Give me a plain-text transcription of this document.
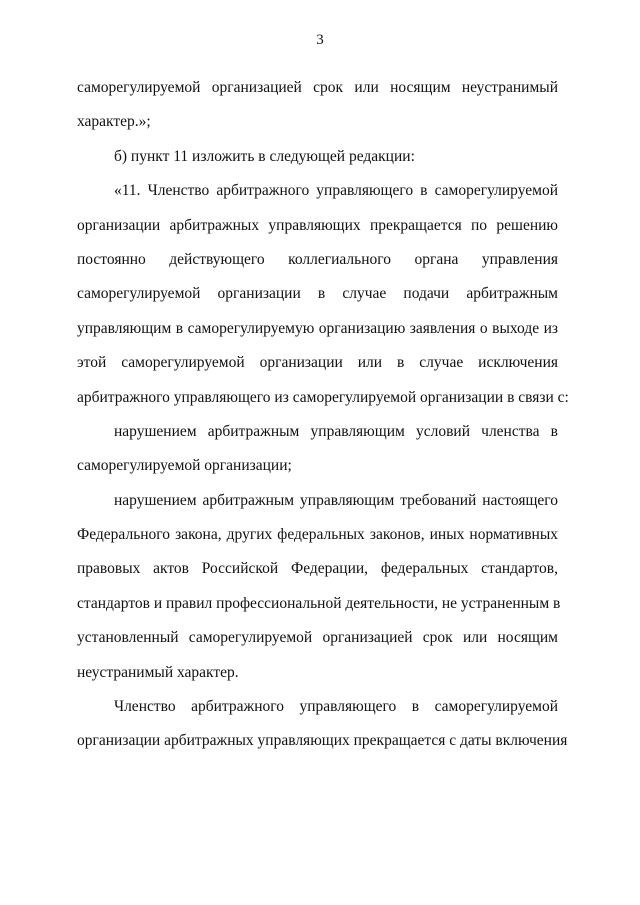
3

саморегулируемой организацией срок или носящим неустранимый
характер.»;

б) пункт 11 изложить в следующей редакции:

«11. Членство арбитражного управляющего в саморегулируемой
организации арбитражных управляющих прекращается по решению
постоянно действующего коллегиального органа управления
саморегулируемой организации в случае подачи арбитражным
управляющим в саморегулируемую организацию заявления о выходе из
этой саморегулируемой организации или в случае исключения
арбитражного управляющего из саморегулируемой организации в связи с:

нарушением арбитражным управляющим условий членства в
саморегулируемой организации;

нарушением арбитражным управляющим требований настоящего
Федерального закона, других федеральных законов, иных нормативных
правовых актов Российской Федерации, федеральных стандартов,
стандартов и правил профессиональной деятельности, не устраненным в
установленный саморегулируемой организацией срок или носящим
неустранимый характер.

Членство арбитражного управляющего в саморегулируемой
организации арбитражных управляющих прекращается с даты включения
